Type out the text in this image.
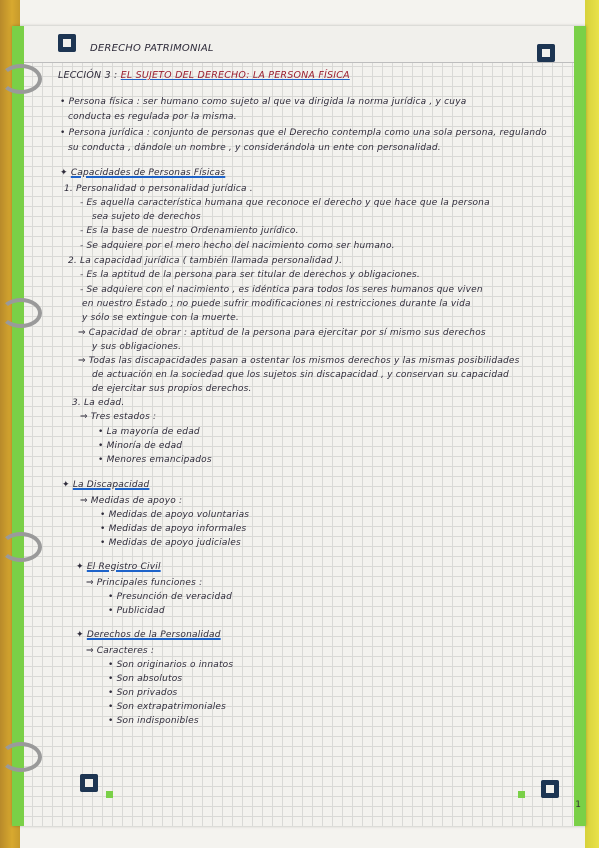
DERECHO PATRIMONIAL
LECCIÓN 3 : EL SUJETO DEL DERECHO: LA PERSONA FÍSICA
• Persona física : ser humano como sujeto al que va dirigida la norma jurídica , y cuya
conducta es regulada por la misma.
• Persona jurídica : conjunto de personas que el Derecho contempla como una sola persona, regulando
su conducta , dándole un nombre , y considerándola un ente con personalidad.
✦ Capacidades de Personas Físicas
1. Personalidad o personalidad jurídica .
- Es aquella característica humana que reconoce el derecho y que hace que la persona
sea sujeto de derechos
- Es la base de nuestro Ordenamiento jurídico.
- Se adquiere por el mero hecho del nacimiento como ser humano.
2. La capacidad jurídica ( también llamada personalidad ).
- Es la aptitud de la persona para ser titular de derechos y obligaciones.
- Se adquiere con el nacimiento , es idéntica para todos los seres humanos que viven
en nuestro Estado ; no puede sufrir modificaciones ni restricciones durante la vida
y sólo se extingue con la muerte.
⇒ Capacidad de obrar : aptitud de la persona para ejercitar por sí mismo sus derechos
y sus obligaciones.
⇒ Todas las discapacidades pasan a ostentar los mismos derechos y las mismas posibilidades
de actuación en la sociedad que los sujetos sin discapacidad , y conservan su capacidad
de ejercitar sus propios derechos.
3. La edad.
⇒ Tres estados :
• La mayoría de edad
• Minoría de edad
• Menores emancipados
✦ La Discapacidad
⇒ Medidas de apoyo :
• Medidas de apoyo voluntarias
• Medidas de apoyo informales
• Medidas de apoyo judiciales
✦ El Registro Civil
⇒ Principales funciones :
• Presunción de veracidad
• Publicidad
✦ Derechos de la Personalidad
⇒ Caracteres :
• Son originarios o innatos
• Son absolutos
• Son privados
• Son extrapatrimoniales
• Son indisponibles
1
